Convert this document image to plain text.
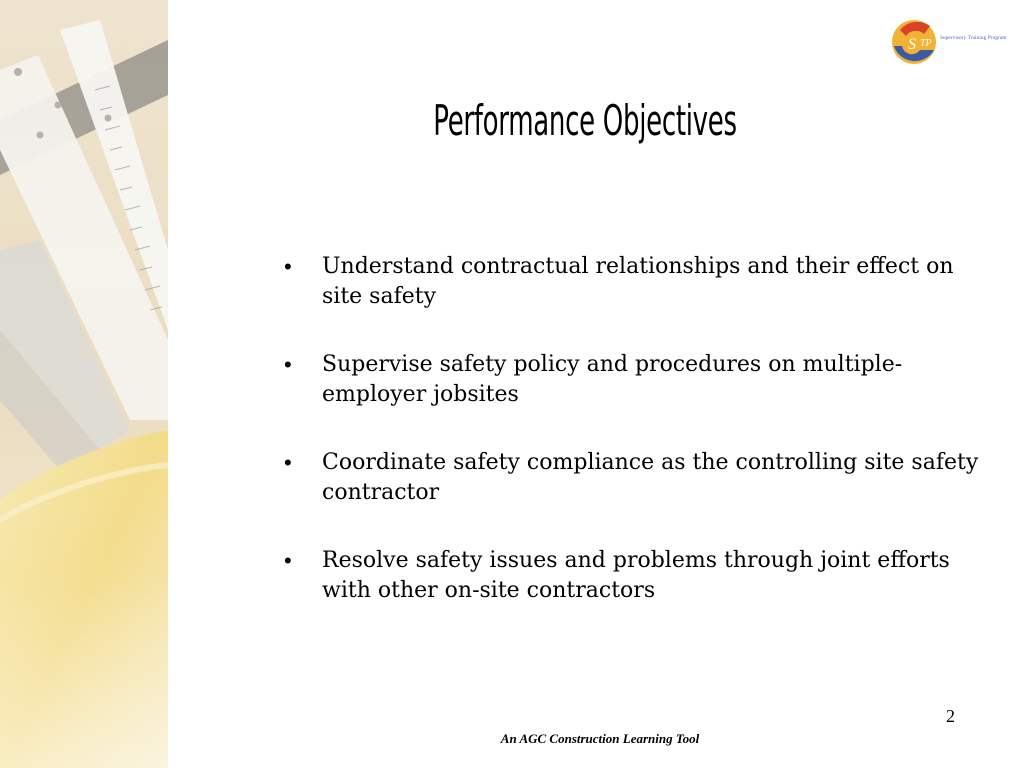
S TP Supervisory Training Program
Performance Objectives
• Understand contractual relationships and their effect on site safety
• Supervise safety policy and procedures on multiple-employer jobsites
• Coordinate safety compliance as the controlling site safety contractor
• Resolve safety issues and problems through joint efforts with other on-site contractors
2
An AGC Construction Learning Tool
